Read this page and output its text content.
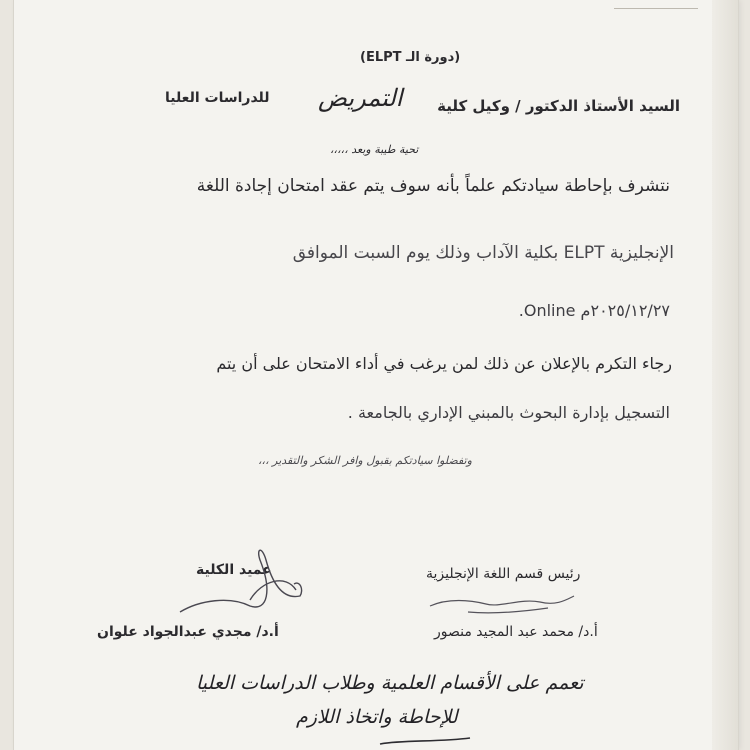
(دورة الـ ELPT)
السيد الأستاذ الدكتور / وكيل كلية
التمريض
للدراسات العليا
تحية طيبة وبعد ،،،،،
نتشرف بإحاطة سيادتكم علماً بأنه سوف يتم عقد امتحان إجادة اللغة
الإنجليزية ELPT بكلية الآداب وذلك يوم السبت الموافق
٢٠٢٥/١٢/٢٧م Online.
رجاء التكرم بالإعلان عن ذلك لمن يرغب في أداء الامتحان على أن يتم
التسجيل بإدارة البحوث بالمبني الإداري بالجامعة .
وتفضلوا سيادتكم بقبول وافر الشكر والتقدير ،،،
عميد الكلية	رئيس قسم اللغة الإنجليزية
أ.د/ مجدي عبدالجواد علوان	أ.د/ محمد عبد المجيد منصور
تعمم على الأقسام العلمية وطلاب الدراسات العليا
للإحاطة واتخاذ اللازم
